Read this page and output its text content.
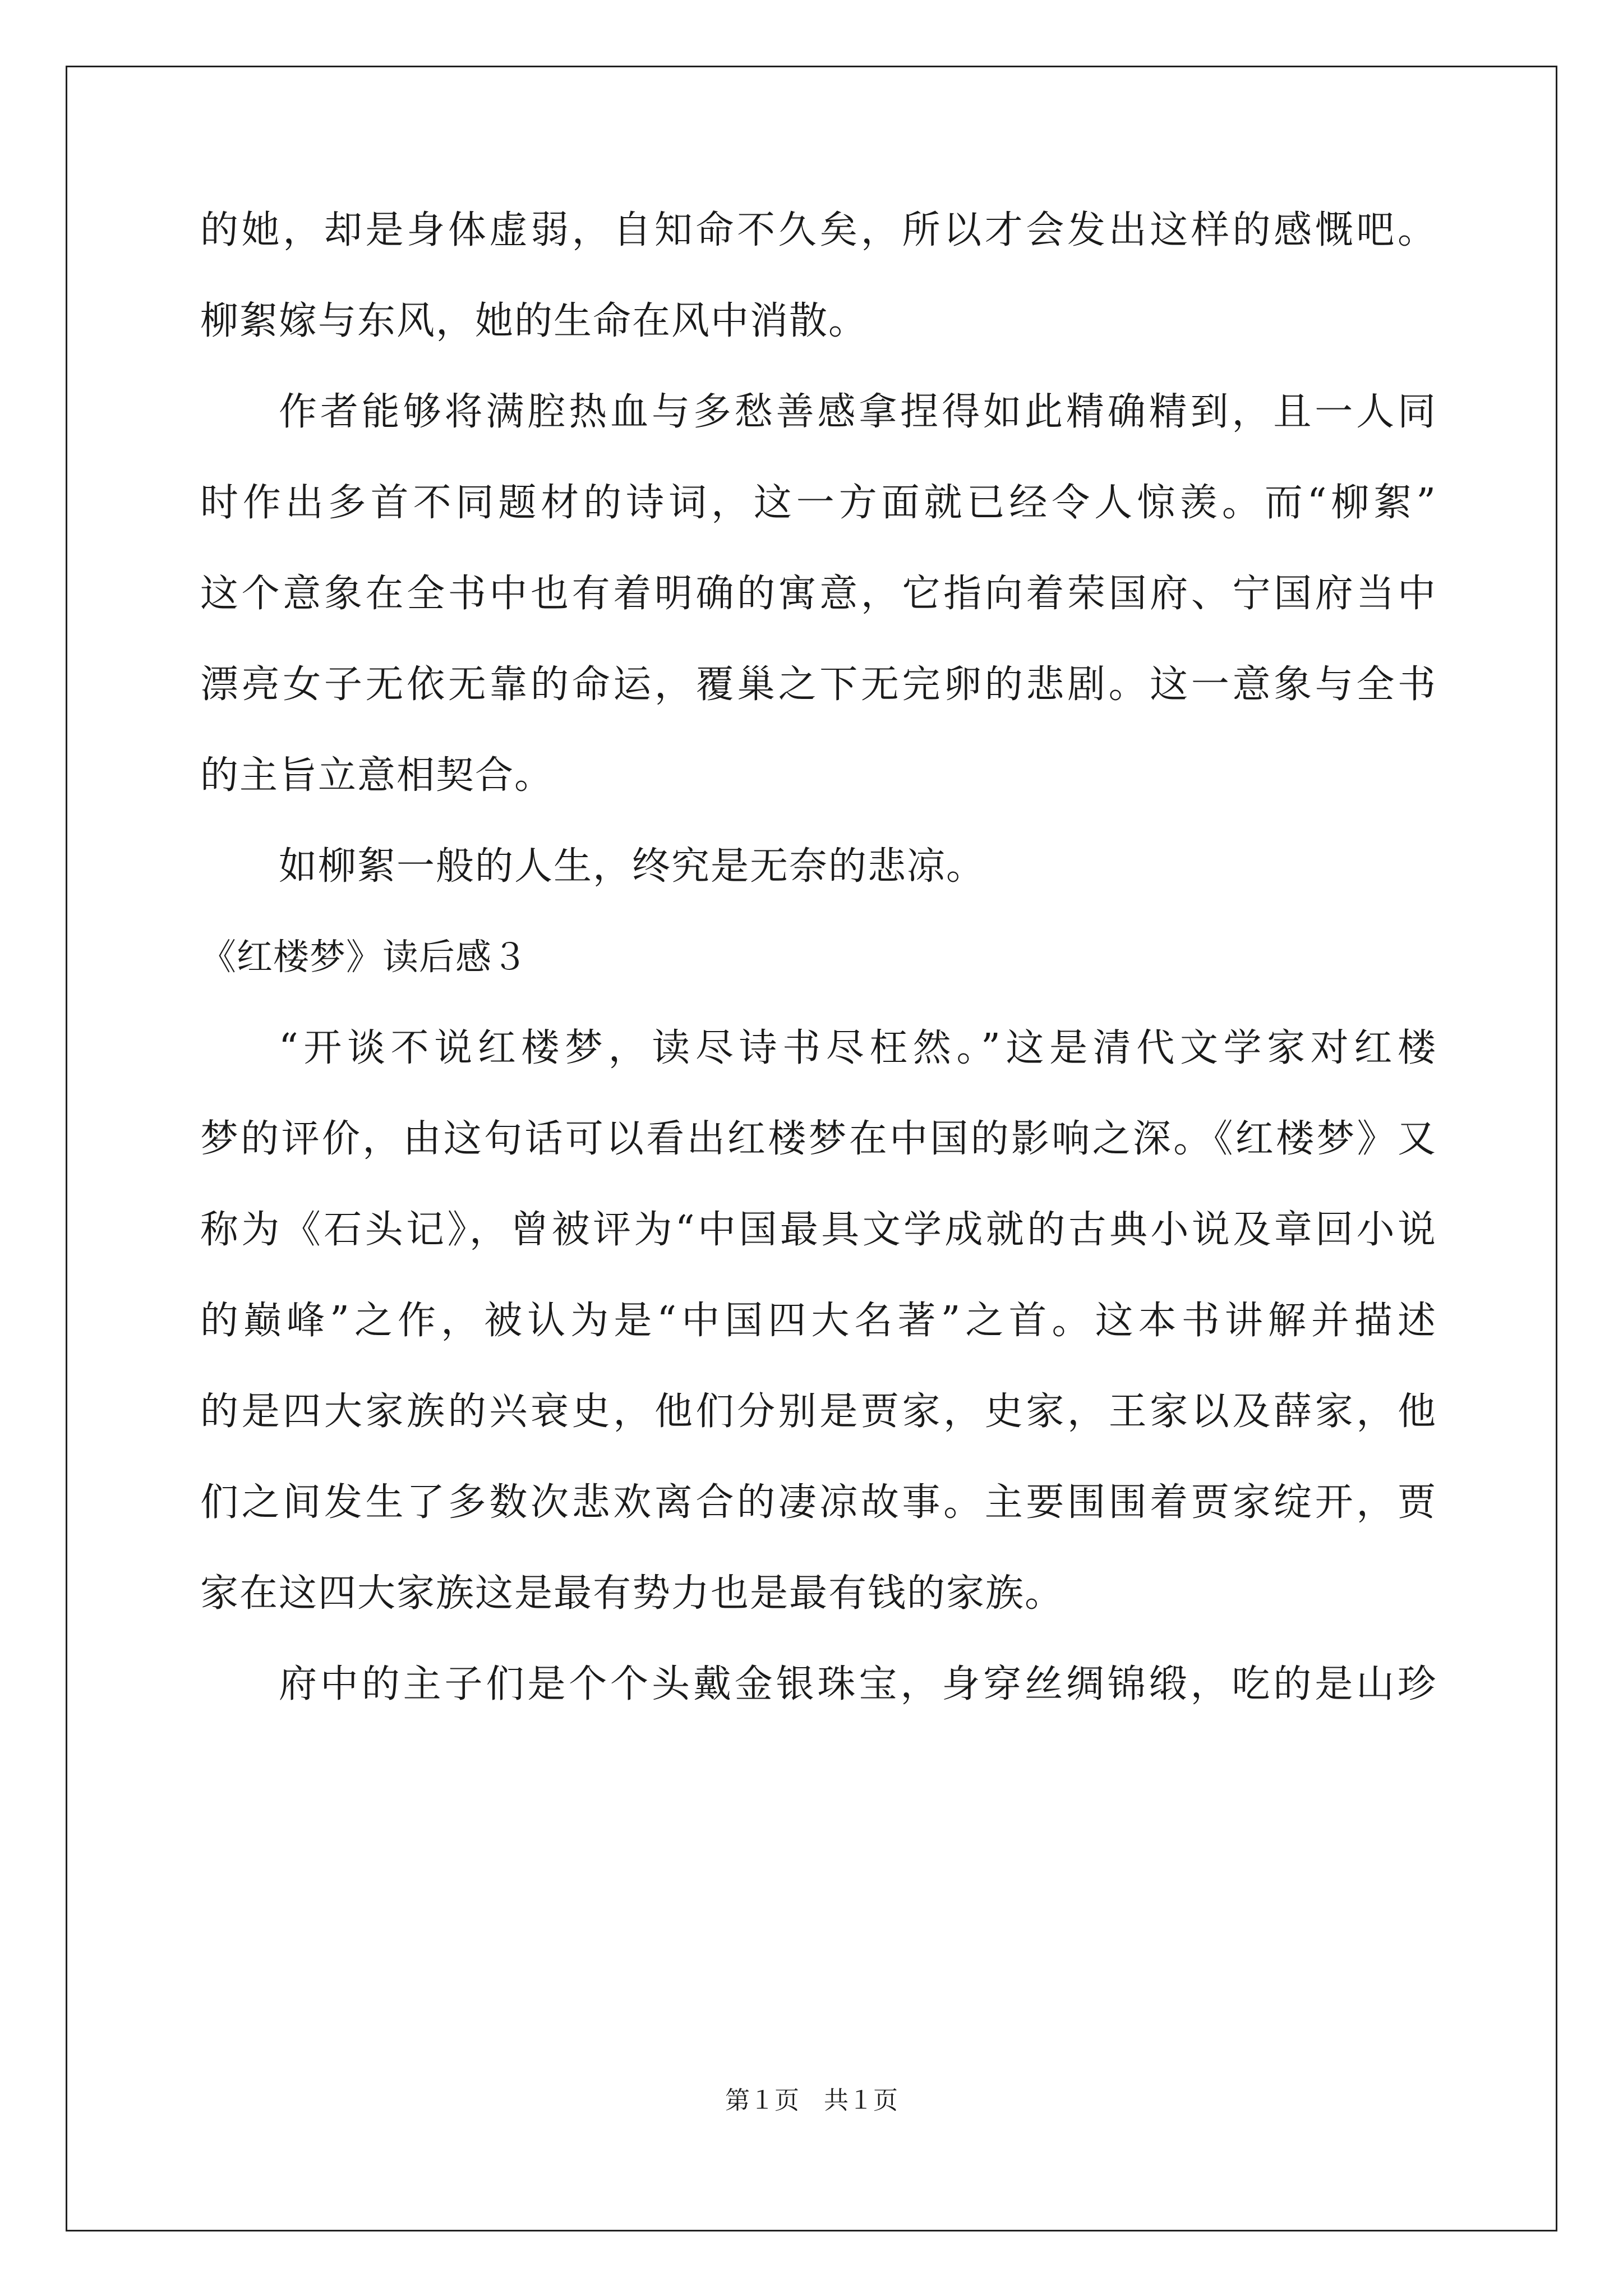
的她，却是身体虚弱，自知命不久矣，所以才会发出这样的感慨吧。
柳絮嫁与东风，她的生命在风中消散。
作者能够将满腔热血与多愁善感拿捏得如此精确精到，且一人同
时作出多首不同题材的诗词，这一方面就已经令人惊羡。而“柳絮”
这个意象在全书中也有着明确的寓意，它指向着荣国府、宁国府当中
漂亮女子无依无靠的命运，覆巢之下无完卵的悲剧。这一意象与全书
的主旨立意相契合。
如柳絮一般的人生，终究是无奈的悲凉。
《红楼梦》读后感３
“开谈不说红楼梦，读尽诗书尽枉然。”这是清代文学家对红楼
梦的评价，由这句话可以看出红楼梦在中国的影响之深。《红楼梦》又
称为《石头记》，曾被评为“中国最具文学成就的古典小说及章回小说
的巅峰”之作，被认为是“中国四大名著”之首。这本书讲解并描述
的是四大家族的兴衰史，他们分别是贾家，史家，王家以及薛家，他
们之间发生了多数次悲欢离合的凄凉故事。主要围围着贾家绽开，贾
家在这四大家族这是最有势力也是最有钱的家族。
府中的主子们是个个头戴金银珠宝，身穿丝绸锦缎，吃的是山珍
第１页　共１页
